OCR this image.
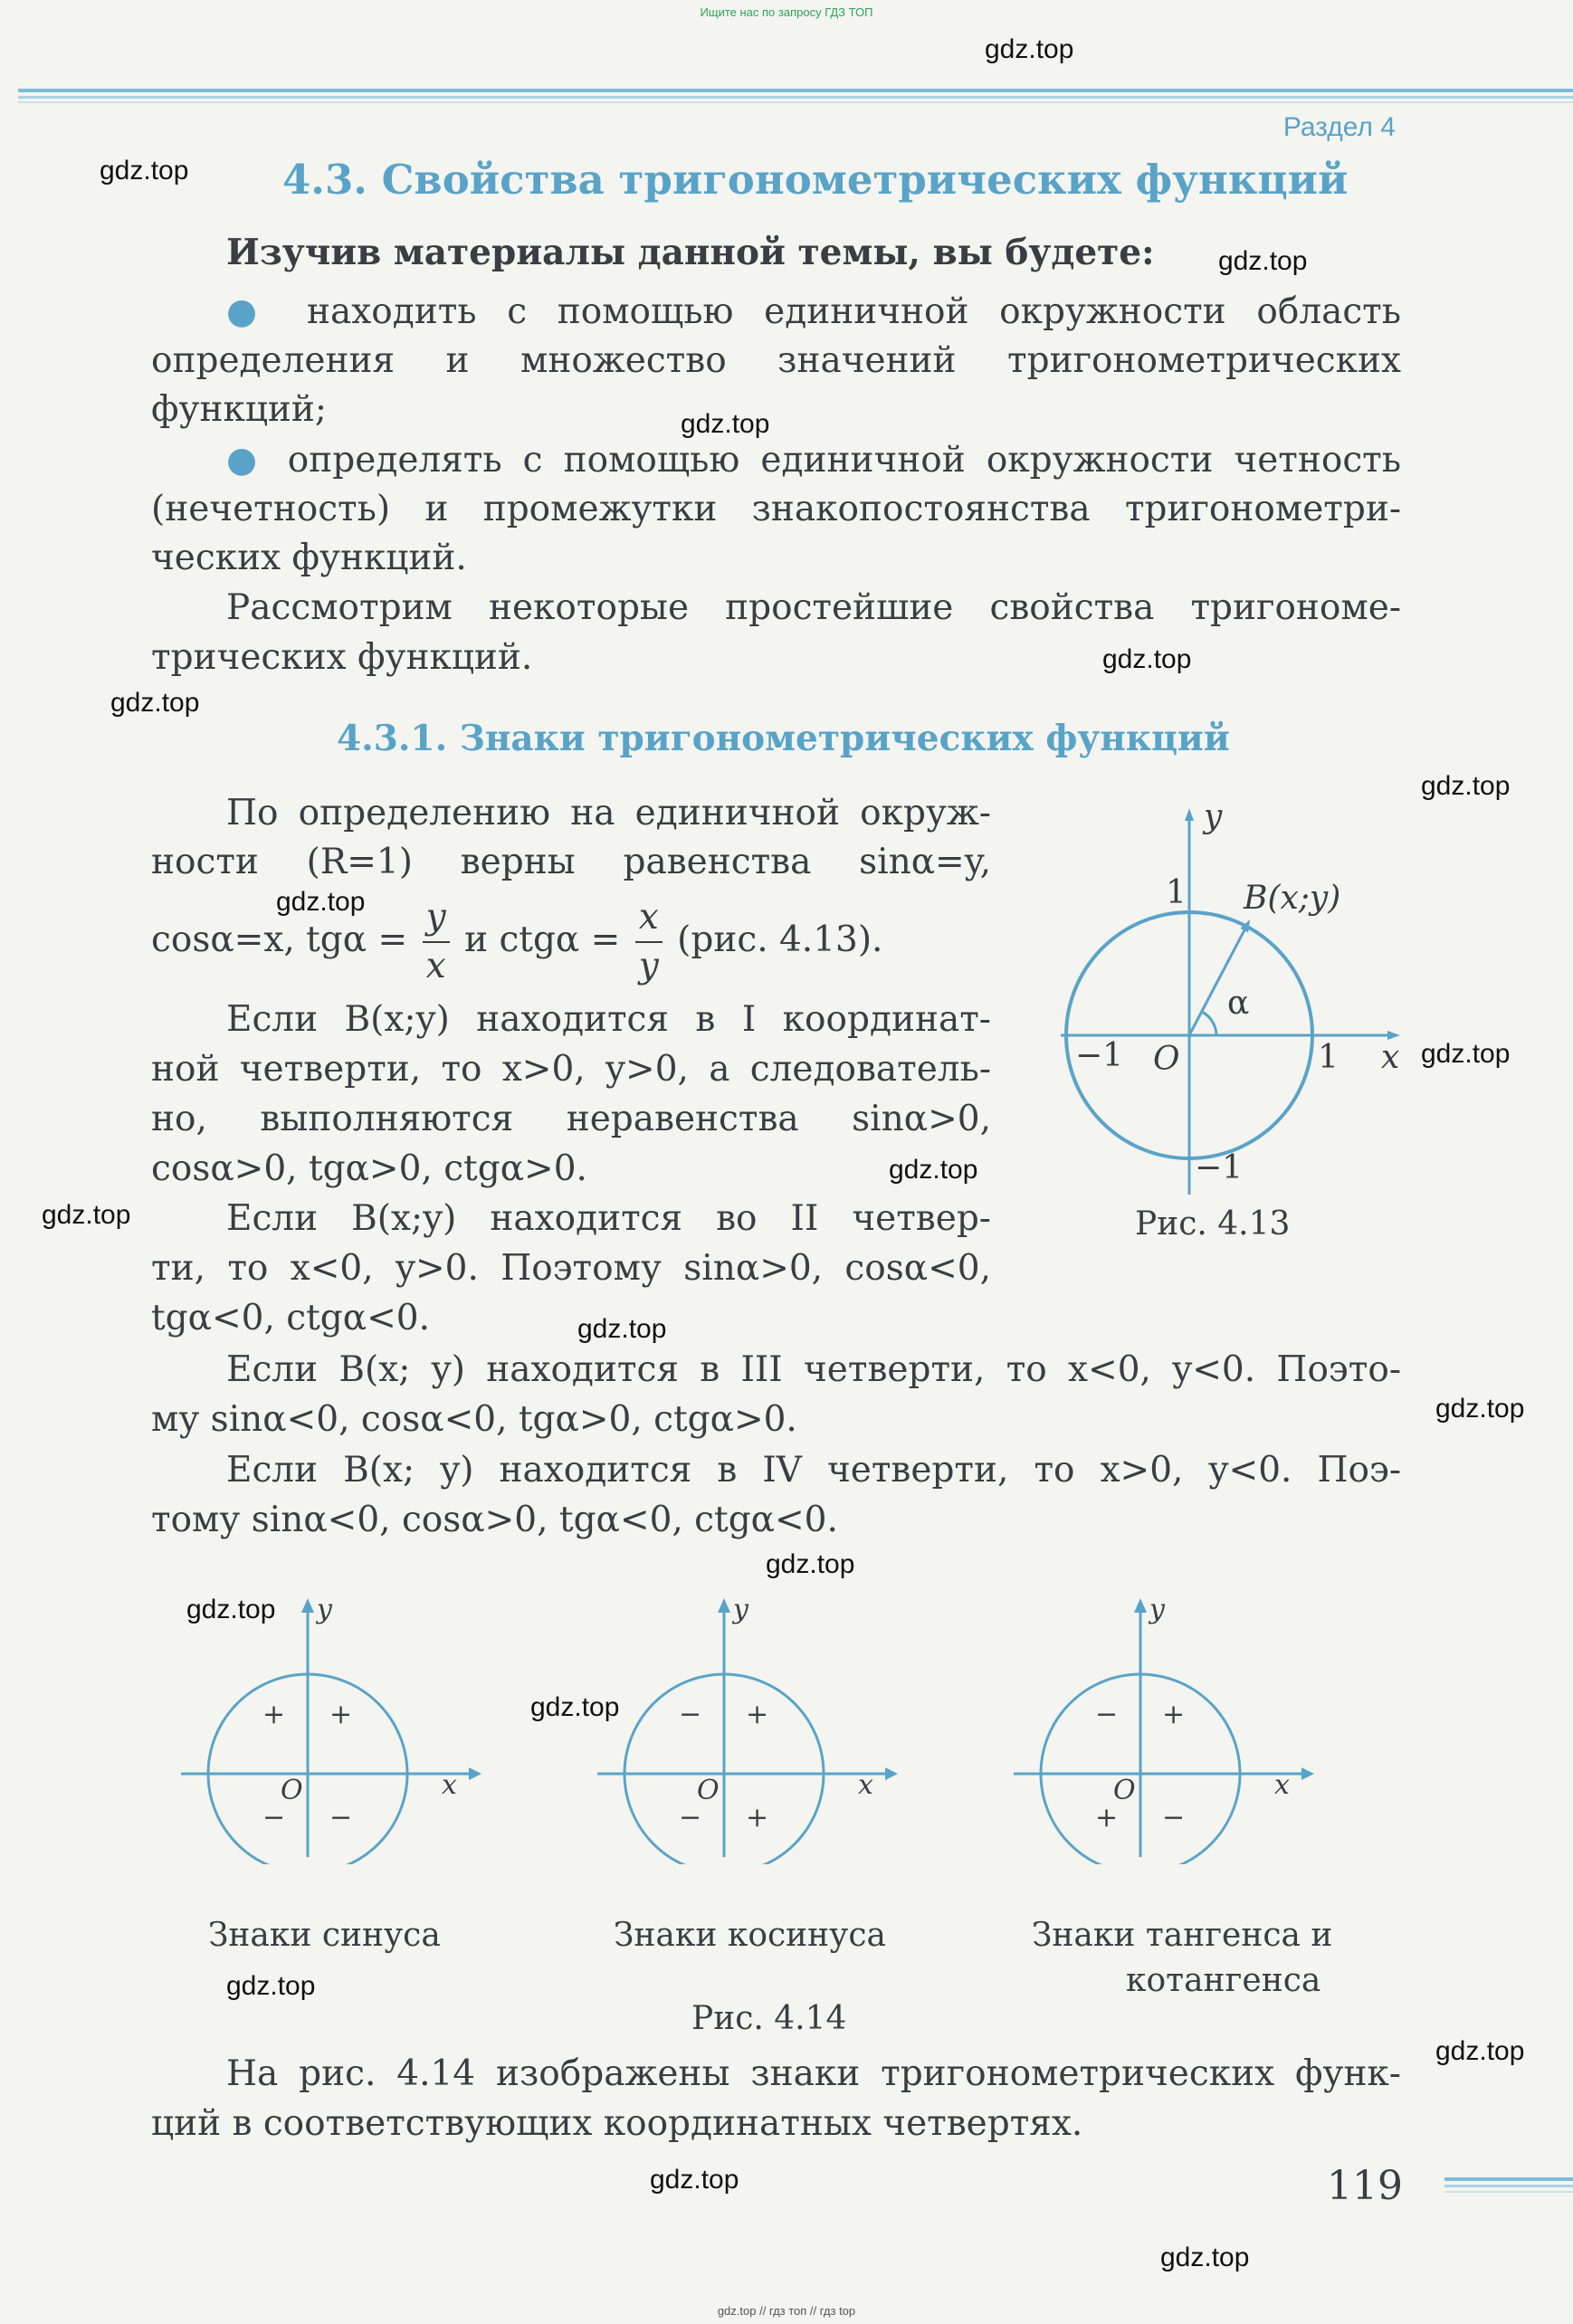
Ищите нас по запросу ГДЗ ТОП
Раздел 4
4.3. Свойства тригонометрических функций
Изучив материалы данной темы, вы будете:
● находить с помощью единичной окружности область
определения и множество значений тригонометрических
функций;
● определять с помощью единичной окружности четность
(нечетность) и промежутки знакопостоянства тригонометри-
ческих функций.
Рассмотрим некоторые простейшие свойства тригономе-
трических функций.
4.3.1. Знаки тригонометрических функций
По определению на единичной окруж-
ности (R=1) верны равенства sinα=y,
cosα=x, $tg\alpha = \frac{y}{x}$ и $ctg\alpha = \frac{x}{y} (рис$. 4.13).
Если B(x;y) находится в I координат-
ной четверти, то x>0, y>0, а следователь-
но, выполняются неравенства sinα>0,
cosα>0, tgα>0, ctgα>0.
Если B(x;y) находится во II четвер-
ти, то x<0, y>0. Поэтому sinα>0, cosα<0,
tgα<0, ctgα<0.
Если B(x; y) находится в III четверти, то x<0, y<0. Поэто-
му sinα<0, cosα<0, tgα>0, ctgα>0.
Если B(x; y) находится в IV четверти, то x>0, y<0. Поэ-
тому sinα<0, cosα>0, tgα<0, ctgα<0.
y
x
O
1
1
−1
−1
B(x;y)
α
Рис. 4.13
y
x
O
+
+
− −
y
x
O
+
−
− +
y
x
O
+
−
+ −
Знаки синуса	Знаки косинуса	Знаки тангенса и
котангенса
Рис. 4.14
На рис. 4.14 изображены знаки тригонометрических функ-
ций в соответствующих координатных четвертях.
119
gdz.top // гдз топ // гдз top
gdz.top
gdz.top
gdz.top
gdz.top
gdz.top
gdz.top
gdz.top
gdz.top
gdz.top
gdz.top
gdz.top
gdz.top
gdz.top
gdz.top
gdz.top
gdz.top
gdz.top
gdz.top
gdz.top
gdz.top
